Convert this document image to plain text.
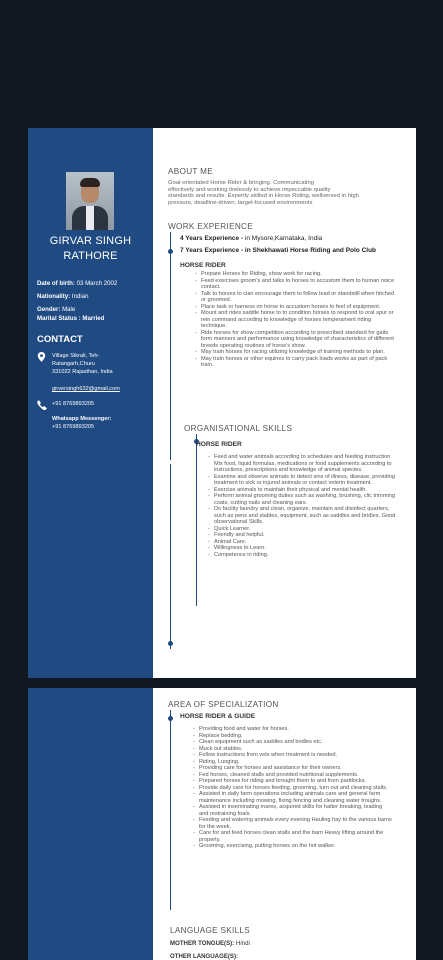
GIRVAR SINGH
RATHORE
Date of birth: 03 March 2002
Nationality: Indian
Gender: Male
Marital Status : Married
CONTACT
Village Sikrali, Teh-
Ratangarh,Churu
331022 Rajasthan, India
girversingh632@gmail.com
+91 8769893205
Whatsapp Messenger:
+91 8769893205
ABOUT ME
Goal-orientated Horse Rider & bringing. Communicating
effectively and working tirelessly to achieve impeccable quality
standards and results. Expertly skilled in Horse Riding, wellversed in high
pressure, deadline-driven, target-focused environments
WORK EXPERIENCE
4 Years Experience - in Mysore,Karnataka, India
7 Years Experience - in Shekhawati Horse Riding and Polo Club
HORSE RIDER
- Prepare Horses for Riding, show work for racing.
- Feed exercises groom's and talks to horses to accustom them to human noice contact.
- Talk to horses to clan encourage them to follow lead or standstill when hitched or groomed.
- Place task or harness on horse to accustom horses to feel of equipment.
- Mount and rides saddle horse to to condition horses to respond to oral spur or rein command according to knowledge of horses temperament riding technique.
- Ride horses for show competition according to prescribed standard for gaits form manners and performance using knowledge of characteristics of different breeds operating routines of horse's show.
- May train horses for racing utilizing knowledge of training methods to plan.
- May train horses or other equines to carry pack loads works as part of pack train.
ORGANISATIONAL SKILLS
HORSE RIDER
- Feed and water animals according to schedules and feeding instruction Mix food, liquid formulas, medications or food supplements according to instructions, prescriptions and knowledge of animal species.
- Examine and observe animals to detect sins of illness, disease, providing treatment to sick or injured animals or contact veterin treatment.
- Exercise animals to maintain their physical and mental health.
- Perform animal grooming duties such as washing, brushing, clic trimming coats, cutting nails and cleaning ears.
- Do facility laundry and clean, organize, maintain and disinfect quarters, such as pens and stables, equipment, such as saddles and bridles. Good observational Skills.
- Quick Learner.
- Friendly and helpful.
- Animal Care.
- Willingness to Learn.
- Competence in riding.
AREA OF SPECIALIZATION
HORSE RIDER & GUIDE
- Providing food and water for horses.
- Replace bedding.
- Clean equipment such as saddles and bridles etc.
- Muck out stables.
- Follow instructions from vets when treatment is needed.
- Riding, Lunging.
- Providing care for horses and assistance for their owners.
- Fed horses, cleaned stalls and provided nutritional supplements.
- Prepared horses for riding and brought them to and from paddocks.
- Provide daily care for horses feeding, grooming, turn out and cleaning stalls.
- Assisted in daily farm operations including animals care and general farm maintenance including mowing, fixing fencing and cleaning water troughs.
- Assisted in inseminating mares, acquired skills for halter breaking, leading and restraining foals.
- Feeding and watering animals every evening Hauling hay to the various barns for the week.
- Care for and feed horses clean stalls and the barn Heavy lifting around the property.
- Grooming, exercising, putting horses on the hot walker.
LANGUAGE SKILLS
MOTHER TONGUE(S): Hindi
OTHER LANGUAGE(S):
